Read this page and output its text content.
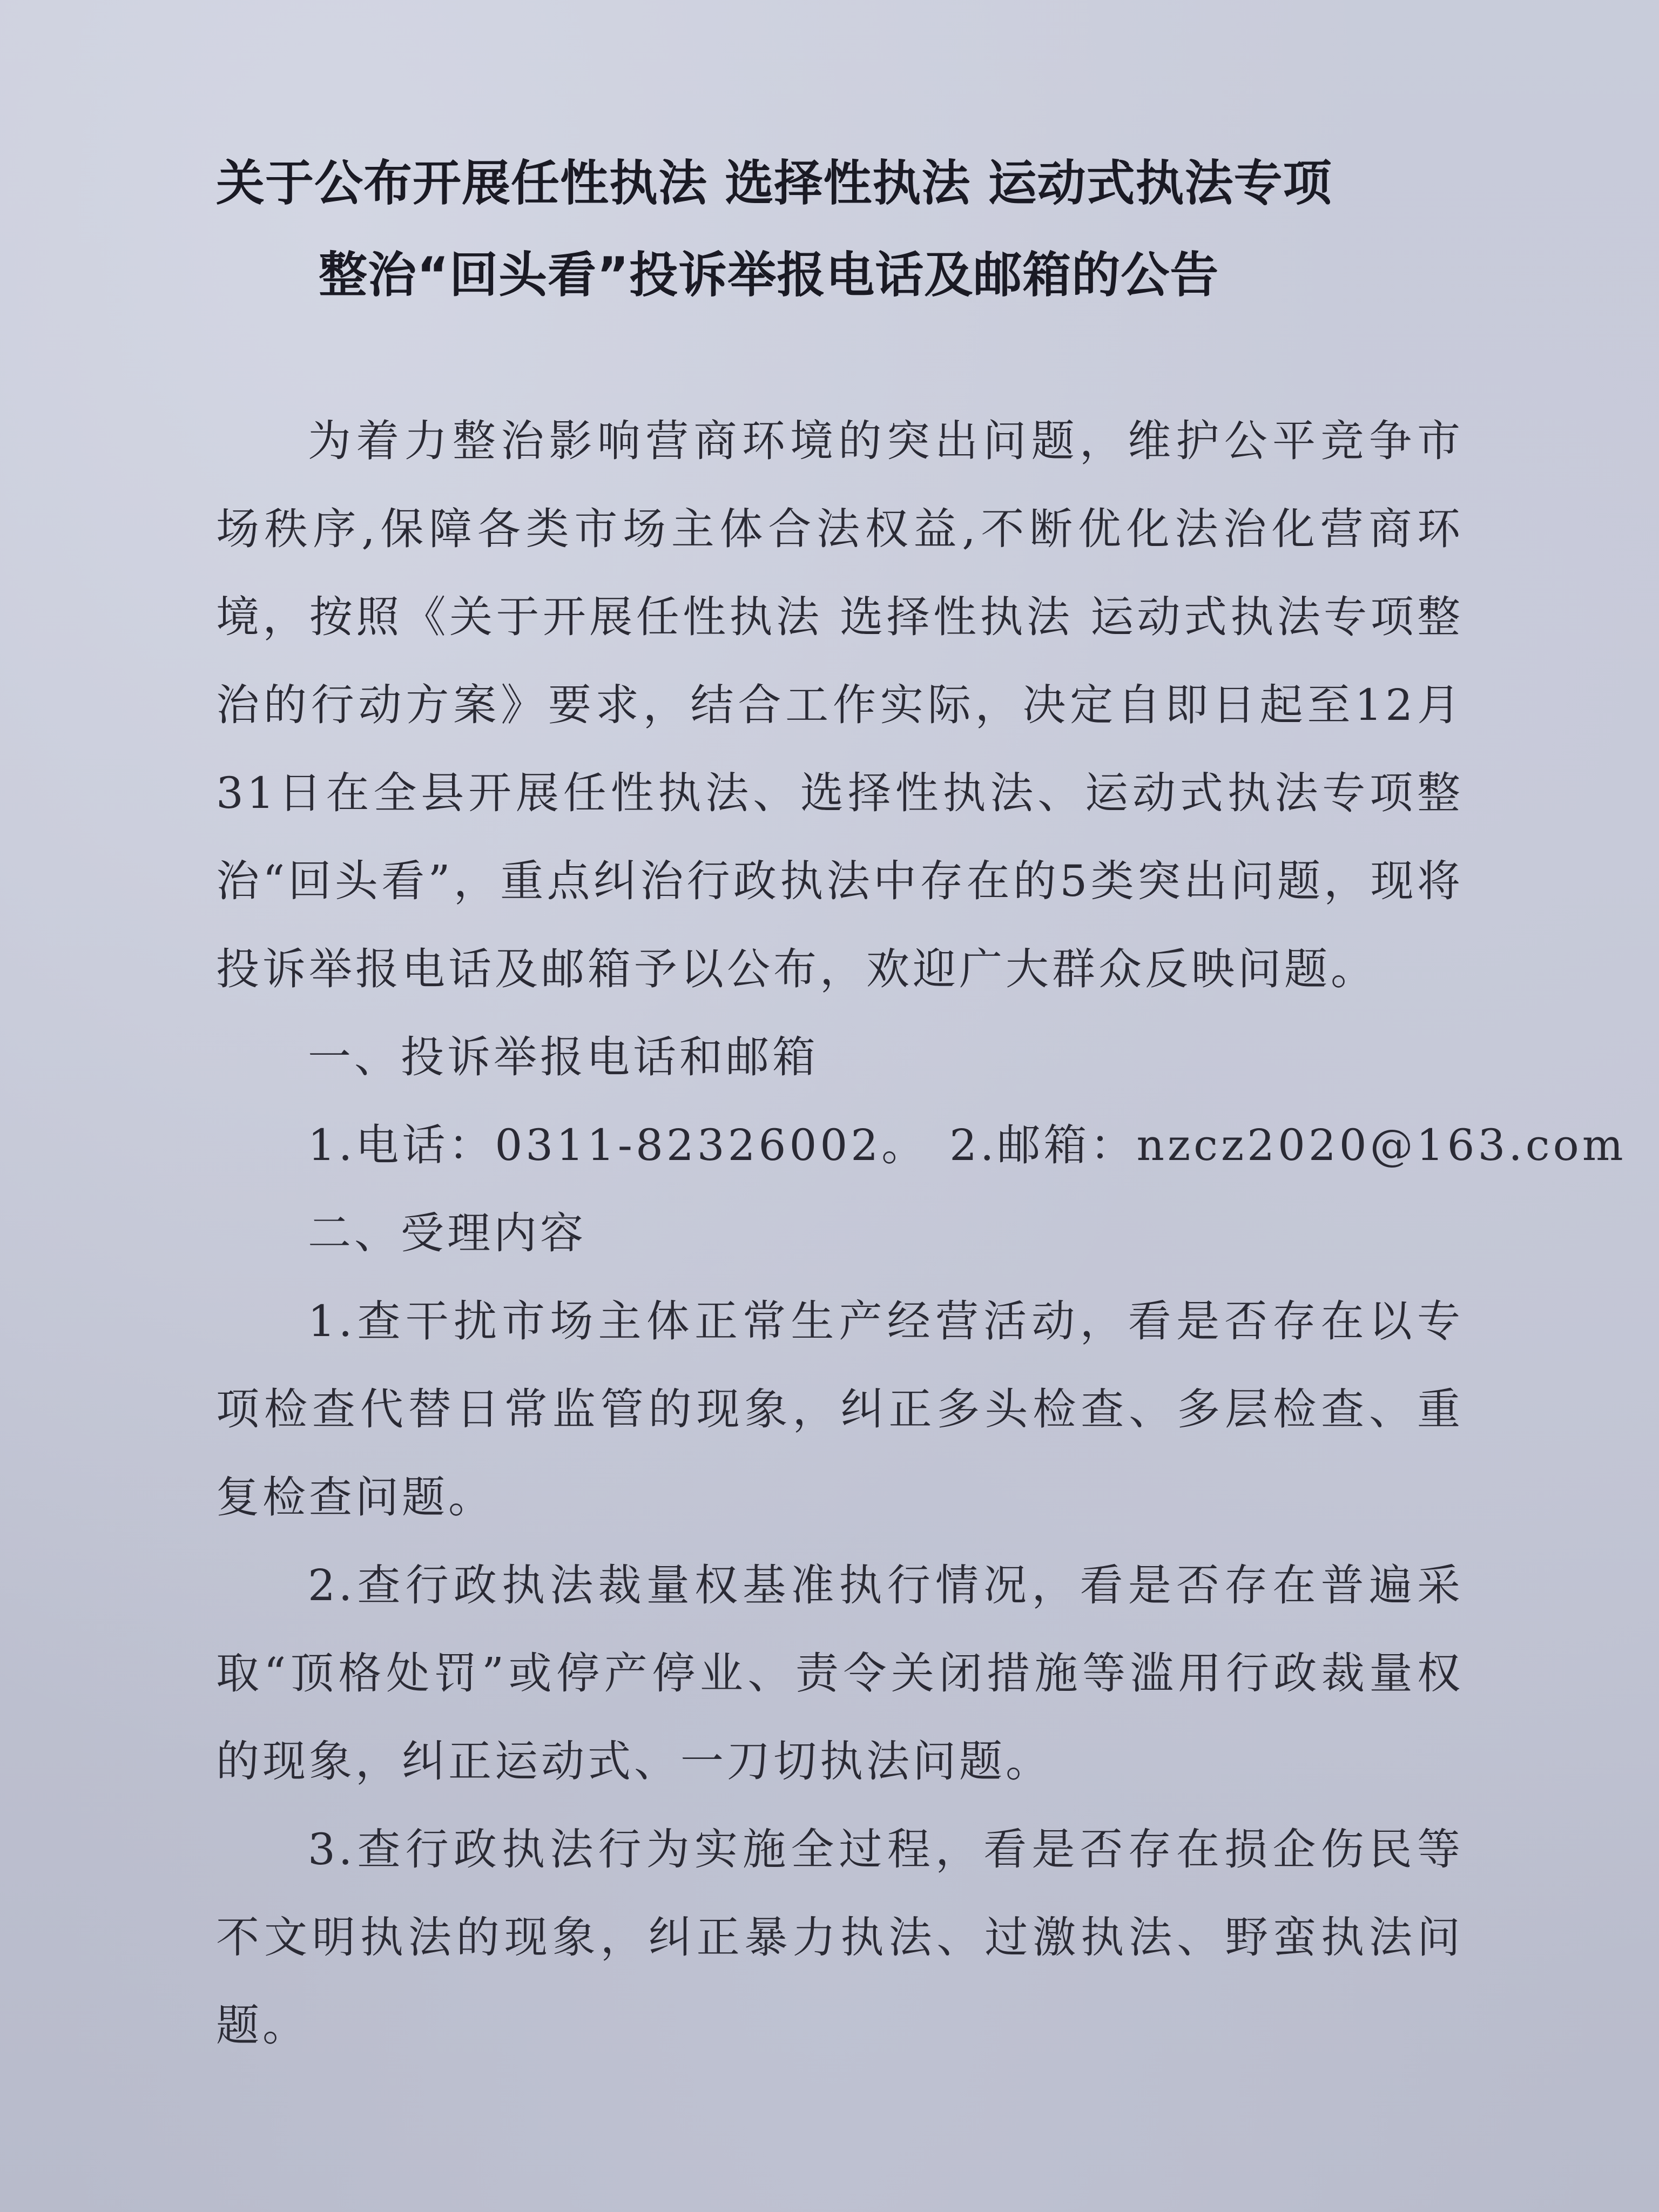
关于公布开展任性执法 选择性执法 运动式执法专项
整治“回头看”投诉举报电话及邮箱的公告

为着力整治影响营商环境的突出问题，维护公平竞争市场秩序,保障各类市场主体合法权益,不断优化法治化营商环境，按照《关于开展任性执法 选择性执法 运动式执法专项整治的行动方案》要求，结合工作实际，决定自即日起至12月31日在全县开展任性执法、选择性执法、运动式执法专项整治“回头看”，重点纠治行政执法中存在的5类突出问题，现将投诉举报电话及邮箱予以公布，欢迎广大群众反映问题。

一、投诉举报电话和邮箱

1.电话：0311-82326002。 2.邮箱：nzcz2020@163.com

二、受理内容

1.查干扰市场主体正常生产经营活动，看是否存在以专项检查代替日常监管的现象，纠正多头检查、多层检查、重复检查问题。

2.查行政执法裁量权基准执行情况，看是否存在普遍采取“顶格处罚”或停产停业、责令关闭措施等滥用行政裁量权的现象，纠正运动式、一刀切执法问题。

3.查行政执法行为实施全过程，看是否存在损企伤民等不文明执法的现象，纠正暴力执法、过激执法、野蛮执法问题。
